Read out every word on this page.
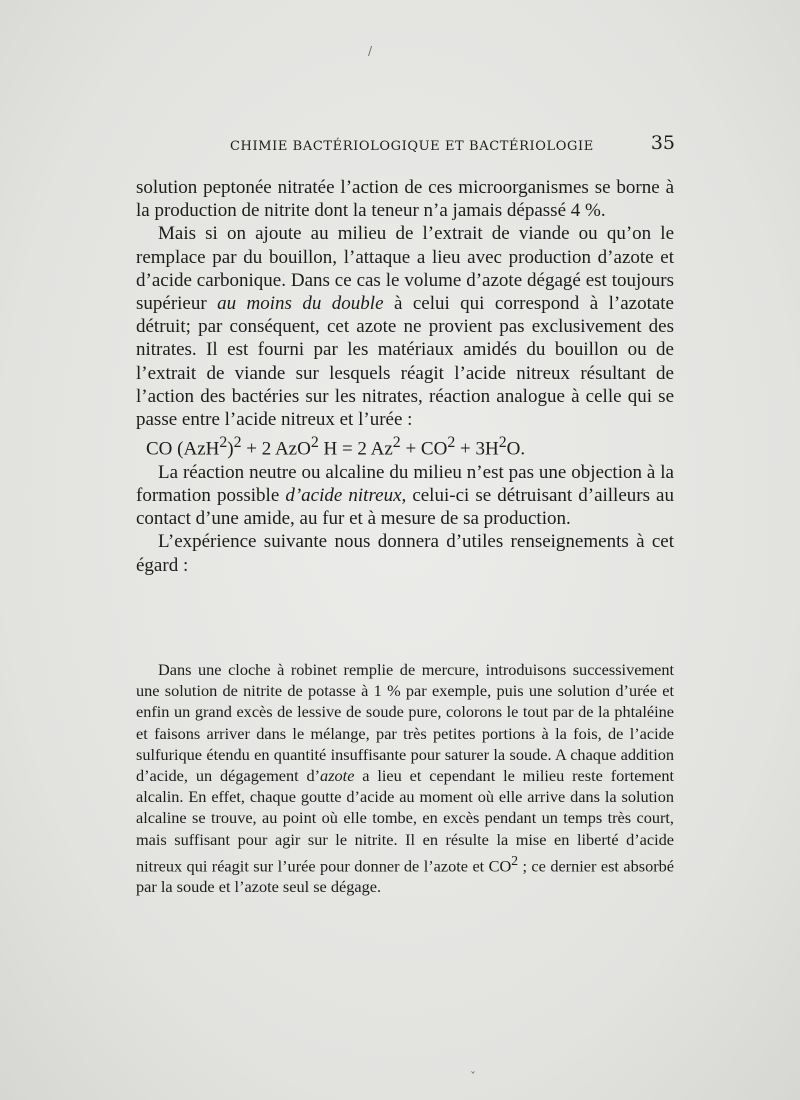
/
CHIMIE BACTÉRIOLOGIQUE ET BACTÉRIOLOGIE	35

solution peptonée nitratée l’action de ces microorganismes se borne à la production de nitrite dont la teneur n’a jamais dépassé 4 %.

Mais si on ajoute au milieu de l’extrait de viande ou qu’on le remplace par du bouillon, l’attaque a lieu avec production d’azote et d’acide carbonique. Dans ce cas le volume d’azote dégagé est toujours supérieur au moins du double à celui qui correspond à l’azotate détruit; par conséquent, cet azote ne provient pas exclusivement des nitrates. Il est fourni par les matériaux amidés du bouillon ou de l’extrait de viande sur lesquels réagit l’acide nitreux résultant de l’action des bactéries sur les nitrates, réaction analogue à celle qui se passe entre l’acide nitreux et l’urée :

CO $(AzH^2)^2 + 2$ AzO$^2$ H = 2 $Az^2 + CO^2 + 3H^2O$.

La réaction neutre ou alcaline du milieu n’est pas une objection à la formation possible d’acide nitreux, celui-ci se détruisant d’ailleurs au contact d’une amide, au fur et à mesure de sa production.

L’expérience suivante nous donnera d’utiles renseignements à cet égard :

Dans une cloche à robinet remplie de mercure, introduisons successivement une solution de nitrite de potasse à 1 % par exemple, puis une solution d’urée et enfin un grand excès de lessive de soude pure, colorons le tout par de la phtaléine et faisons arriver dans le mélange, par très petites portions à la fois, de l’acide sulfurique étendu en quantité insuffisante pour saturer la soude. A chaque addition d’acide, un dégagement d’azote a lieu et cependant le milieu reste fortement alcalin. En effet, chaque goutte d’acide au moment où elle arrive dans la solution alcaline se trouve, au point où elle tombe, en excès pendant un temps très court, mais suffisant pour agir sur le nitrite. Il en résulte la mise en liberté d’acide nitreux qui réagit sur l’urée pour donner de l’azote et $CO^2$ ; ce dernier est absorbé par la soude et l’azote seul se dégage.

ˇ
